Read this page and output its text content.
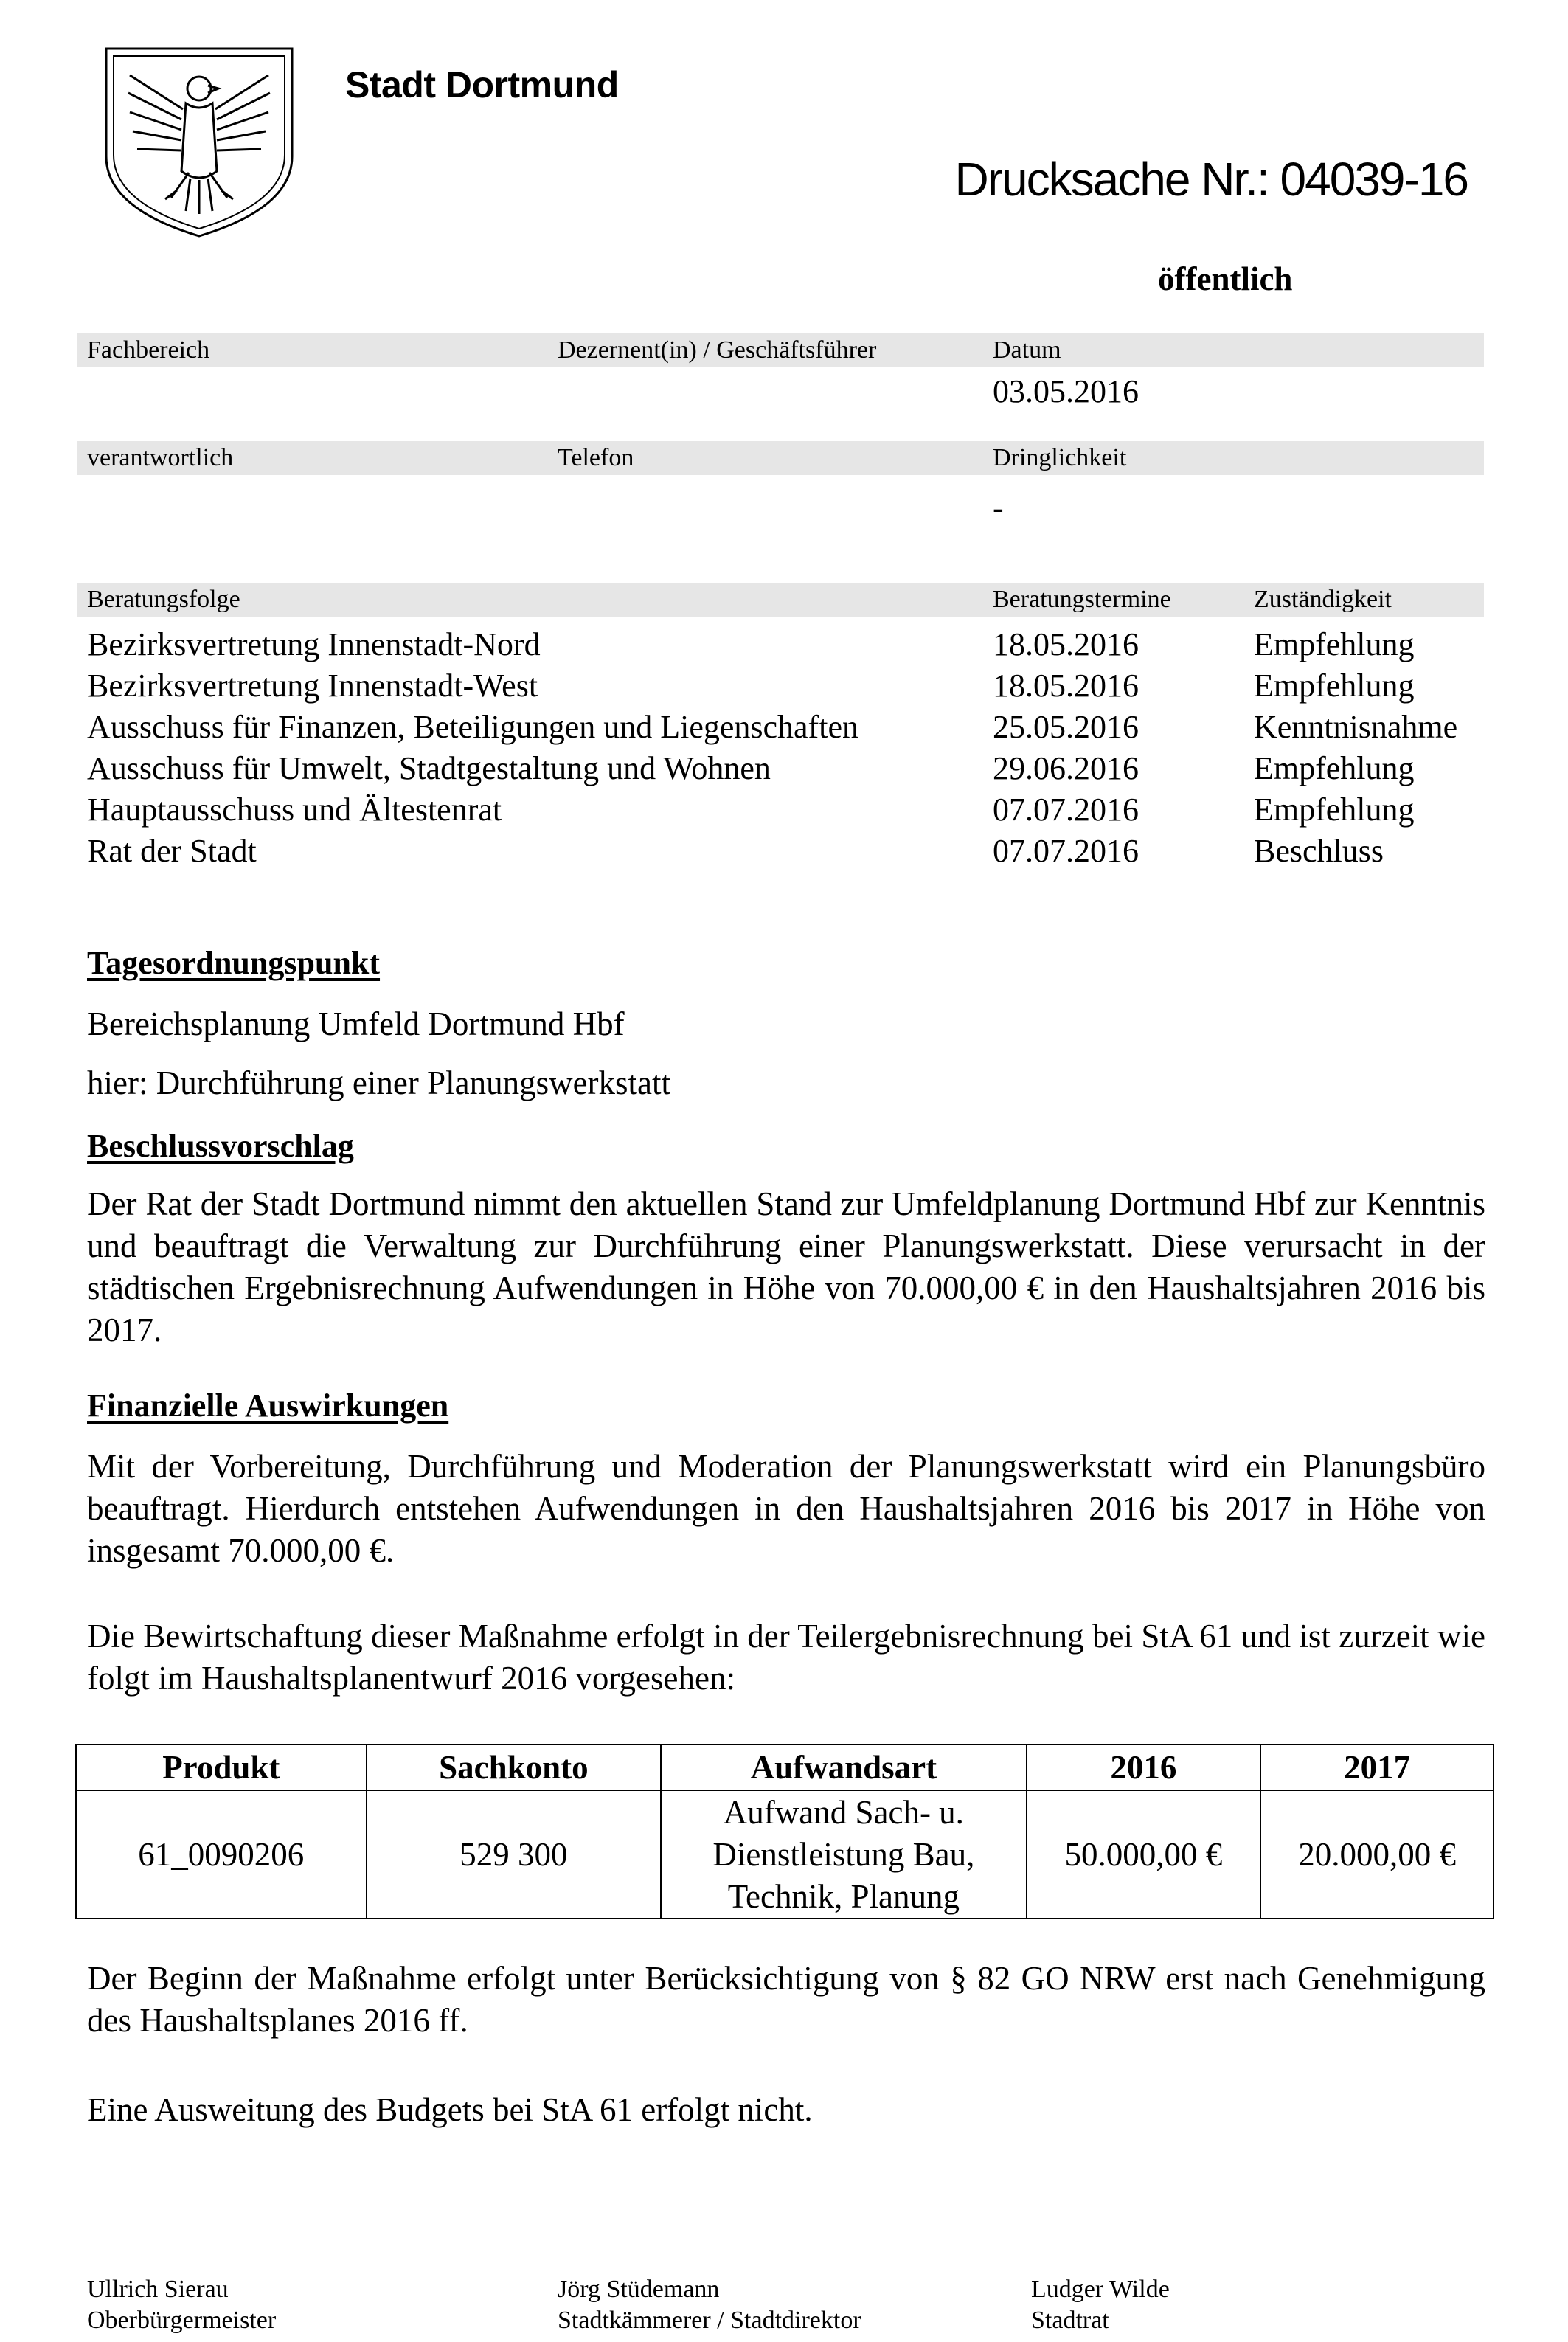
Stadt Dortmund
Drucksache Nr.: 04039-16
öffentlich
Fachbereich	Dezernent(in) / Geschäftsführer	Datum
03.05.2016
verantwortlich	Telefon	Dringlichkeit
-
Beratungsfolge	Beratungstermine	Zuständigkeit
Bezirksvertretung Innenstadt-Nord	18.05.2016	Empfehlung
Bezirksvertretung Innenstadt-West	18.05.2016	Empfehlung
Ausschuss für Finanzen, Beteiligungen und Liegenschaften	25.05.2016	Kenntnisnahme
Ausschuss für Umwelt, Stadtgestaltung und Wohnen	29.06.2016	Empfehlung
Hauptausschuss und Ältestenrat	07.07.2016	Empfehlung
Rat der Stadt	07.07.2016	Beschluss
Tagesordnungspunkt
Bereichsplanung Umfeld Dortmund Hbf
hier: Durchführung einer Planungswerkstatt
Beschlussvorschlag

Der Rat der Stadt Dortmund nimmt den aktuellen Stand zur Umfeldplanung Dortmund Hbf zur Kenntnis und beauftragt die Verwaltung zur Durchführung einer Planungswerkstatt. Diese verursacht in der städtischen Ergebnisrechnung Aufwendungen in Höhe von 70.000,00 € in den Haushaltsjahren 2016 bis 2017.

Finanzielle Auswirkungen

Mit der Vorbereitung, Durchführung und Moderation der Planungswerkstatt wird ein Planungsbüro beauftragt. Hierdurch entstehen Aufwendungen in den Haushaltsjahren 2016 bis 2017 in Höhe von insgesamt 70.000,00 €.

Die Bewirtschaftung dieser Maßnahme erfolgt in der Teilergebnisrechnung bei StA 61 und ist zurzeit wie folgt im Haushaltsplanentwurf 2016 vorgesehen:

Produkt	Sachkonto	Aufwandsart	2016	2017
61_0090206	529 300	Aufwand Sach- u. Dienstleistung Bau, Technik, Planung	50.000,00 €	20.000,00 €

Der Beginn der Maßnahme erfolgt unter Berücksichtigung von § 82 GO NRW erst nach Genehmigung des Haushaltsplanes 2016 ff.

Eine Ausweitung des Budgets bei StA 61 erfolgt nicht.

Ullrich Sierau
Oberbürgermeister
Jörg Stüdemann
Stadtkämmerer / Stadtdirektor
Ludger Wilde
Stadtrat
